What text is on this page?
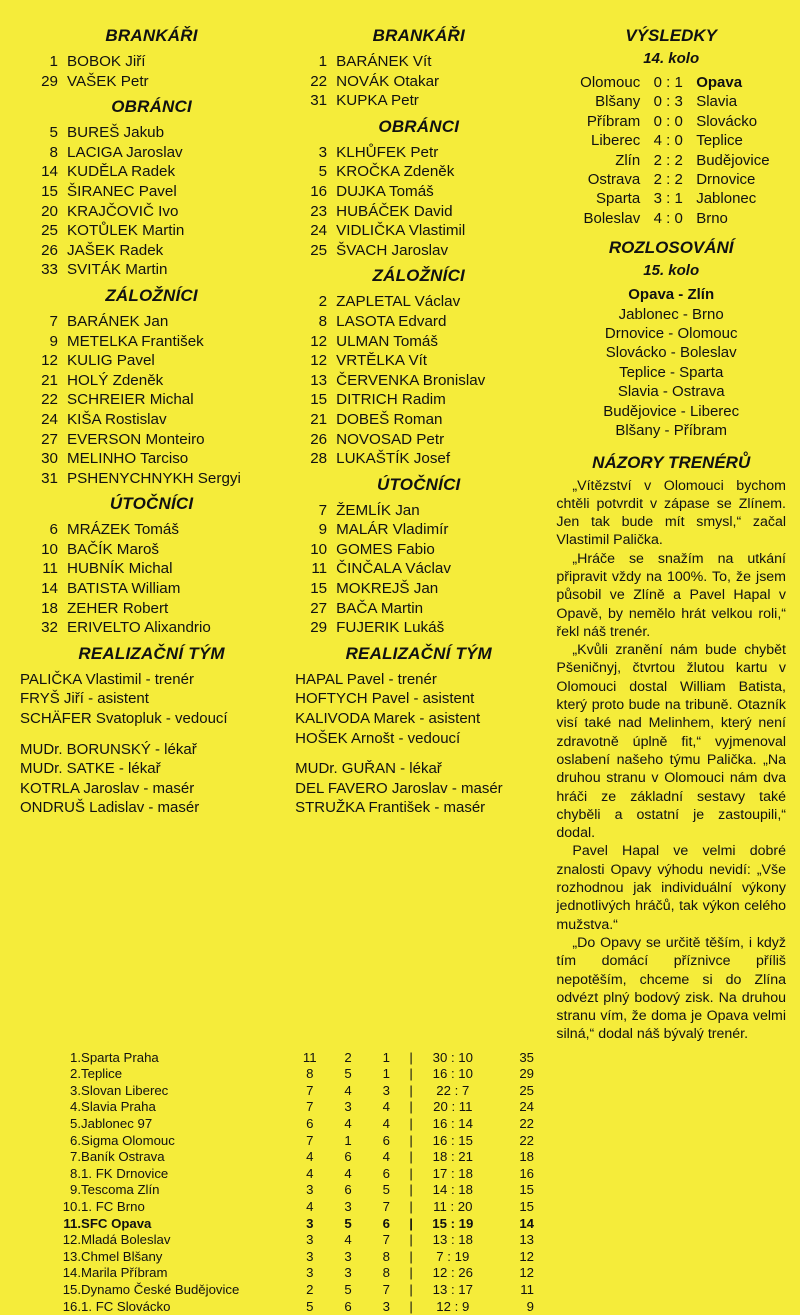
BRANKÁŘI
1 BOBOK Jiří
29 VAŠEK Petr
OBRÁNCI
5 BUREŠ Jakub
8 LACIGA Jaroslav
14 KUDĚLA Radek
15 ŠIRANEC Pavel
20 KRAJČOVIČ Ivo
25 KOTŮLEK Martin
26 JAŠEK Radek
33 SVITÁK Martin
ZÁLOŽNÍCI
7 BARÁNEK Jan
9 METELKA František
12 KULIG Pavel
21 HOLÝ Zdeněk
22 SCHREIER Michal
24 KIŠA Rostislav
27 EVERSON Monteiro
30 MELINHO Tarciso
31 PSHENYCHNYKH Sergyi
ÚTOČNÍCI
6 MRÁZEK Tomáš
10 BAČÍK Maroš
11 HUBNÍK Michal
14 BATISTA William
18 ZEHER Robert
32 ERIVELTO Alixandrio
REALIZAČNÍ TÝM
PALIČKA Vlastimil - trenér
FRYŠ Jiří - asistent
SCHÄFER Svatopluk - vedoucí
MUDr. BORUNSKÝ - lékař
MUDr. SATKE - lékař
KOTRLA Jaroslav - masér
ONDRUŠ Ladislav - masér
BRANKÁŘI
1 BARÁNEK Vít
22 NOVÁK Otakar
31 KUPKA Petr
OBRÁNCI
3 KLHŮFEK Petr
5 KROČKA Zdeněk
16 DUJKA Tomáš
23 HUBÁČEK David
24 VIDLIČKA Vlastimil
25 ŠVACH Jaroslav
ZÁLOŽNÍCI
2 ZAPLETAL Václav
8 LASOTA Edvard
12 ULMAN Tomáš
12 VRTĚLKA Vít
13 ČERVENKA Bronislav
15 DITRICH Radim
21 DOBEŠ Roman
26 NOVOSAD Petr
28 LUKAŠTÍK Josef
ÚTOČNÍCI
7 ŽEMLÍK Jan
9 MALÁR Vladimír
10 GOMES Fabio
11 ČINČALA Václav
15 MOKREJŠ Jan
27 BAČA Martin
29 FUJERIK Lukáš
REALIZAČNÍ TÝM
HAPAL Pavel - trenér
HOFTYCH Pavel - asistent
KALIVODA Marek - asistent
HOŠEK Arnošt - vedoucí
MUDr. GUŘAN - lékař
DEL FAVERO Jaroslav - masér
STRUŽKA František - masér
VÝSLEDKY
14. kolo
Olomouc 0 : 1 Opava
Blšany 0 : 3 Slavia
Příbram 0 : 0 Slovácko
Liberec 4 : 0 Teplice
Zlín 2 : 2 Budějovice
Ostrava 2 : 2 Drnovice
Sparta 3 : 1 Jablonec
Boleslav 4 : 0 Brno
ROZLOSOVÁNÍ
15. kolo
Opava - Zlín
Jablonec - Brno
Drnovice - Olomouc
Slovácko - Boleslav
Teplice - Sparta
Slavia - Ostrava
Budějovice - Liberec
Blšany - Příbram
NÁZORY TRENÉRŮ

„Vítězství v Olomouci bychom chtěli potvrdit v zápase se Zlínem. Jen tak bude mít smysl,“ začal Vlastimil Palička.

„Hráče se snažím na utkání připravit vždy na 100%. To, že jsem působil ve Zlíně a Pavel Hapal v Opavě, by nemělo hrát velkou roli,“ řekl náš trenér.

„Kvůli zranění nám bude chybět Pšeničnyj, čtvrtou žlutou kartu v Olomouci dostal William Batista, který proto bude na tribuně. Otazník visí také nad Melinhem, který není zdravotně úplně fit,“ vyjmenoval oslabení našeho týmu Palička. „Na druhou stranu v Olomouci nám dva hráči ze základní sestavy také chyběli a ostatní je zastoupili,“ dodal.

Pavel Hapal ve velmi dobré znalosti Opavy výhodu nevidí: „Vše rozhodnou jak individuální výkony jednotlivých hráčů, tak výkon celého mužstva.“

„Do Opavy se určitě těším, i když tím domácí příznivce příliš nepotěším, chceme si do Zlína odvézt plný bodový zisk. Na druhou stranu vím, že doma je Opava velmi silná,“ dodal náš bývalý trenér.

1.	Sparta Praha	11	2	1	|	30 : 10	35
2.	Teplice	8	5	1	|	16 : 10	29
3.	Slovan Liberec	7	4	3	|	22 : 7	25
4.	Slavia Praha	7	3	4	|	20 : 11	24
5.	Jablonec 97	6	4	4	|	16 : 14	22
6.	Sigma Olomouc	7	1	6	|	16 : 15	22
7.	Baník Ostrava	4	6	4	|	18 : 21	18
8.	1. FK Drnovice	4	4	6	|	17 : 18	16
9.	Tescoma Zlín	3	6	5	|	14 : 18	15
10.	1. FC Brno	4	3	7	|	11 : 20	15
11.	SFC Opava	3	5	6	|	15 : 19	14
12.	Mladá Boleslav	3	4	7	|	13 : 18	13
13.	Chmel Blšany	3	3	8	|	7 : 19	12
14.	Marila Příbram	3	3	8	|	12 : 26	12
15.	Dynamo České Budějovice	2	5	7	|	13 : 17	11
16.	1. FC Slovácko	5	6	3	|	12 : 9	9
